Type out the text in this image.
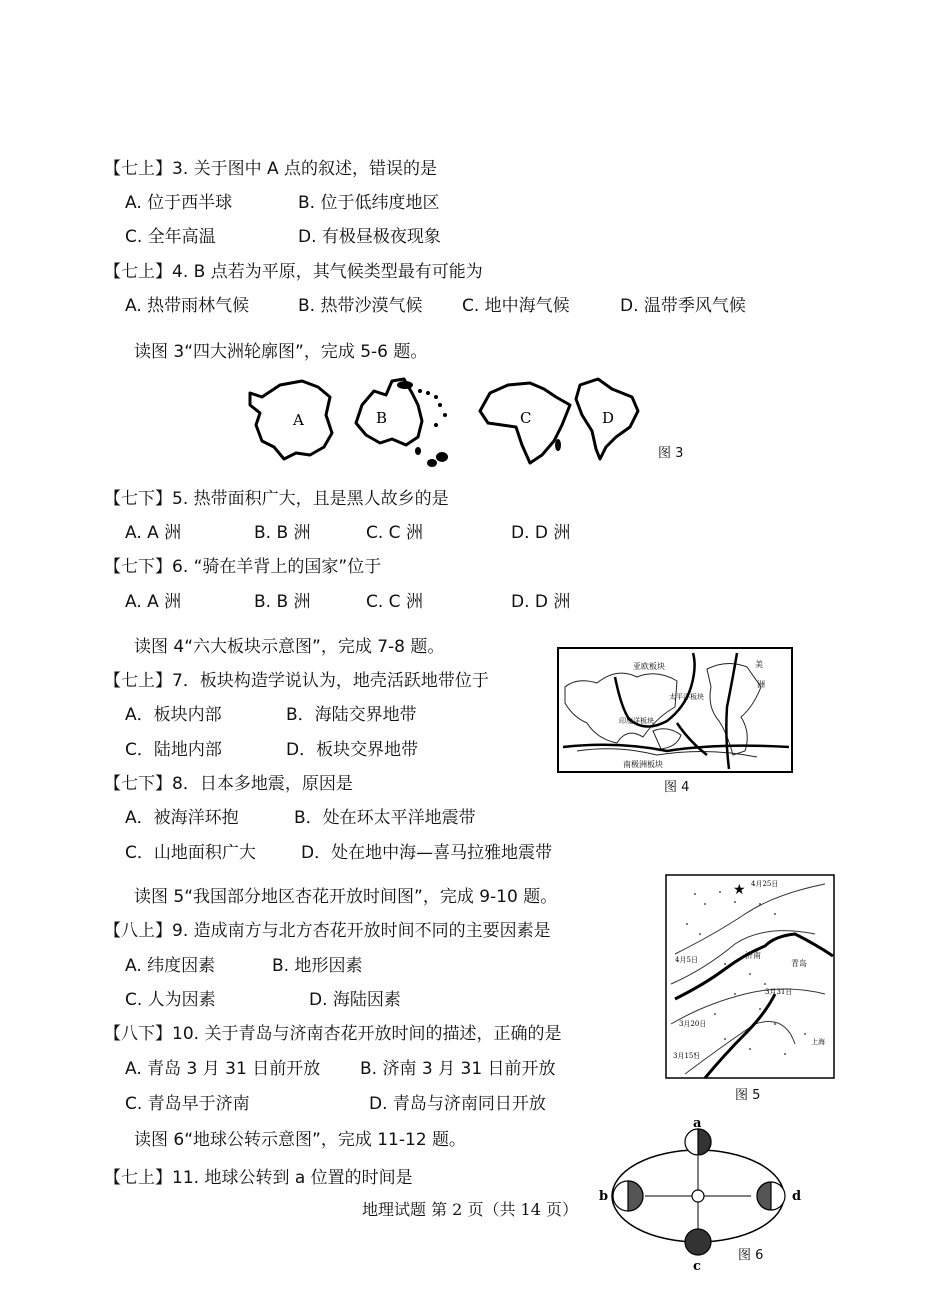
【七上】3. 关于图中 A 点的叙述，错误的是
A. 位于西半球	B. 位于低纬度地区
C. 全年高温	D. 有极昼极夜现象
【七上】4. B 点若为平原，其气候类型最有可能为
A. 热带雨林气候	B. 热带沙漠气候 C. 地中海气候	D. 温带季风气候
读图 3“四大洲轮廓图”，完成 5-6 题。
A	B	C	D
图 3
【七下】5. 热带面积广大，且是黑人故乡的是
A. A 洲	B. B 洲	C. C 洲	D. D 洲
【七下】6. “骑在羊背上的国家”位于
A. A 洲	B. B 洲	C. C 洲	D. D 洲
读图 4“六大板块示意图”，完成 7-8 题。
亚欧板块	美
洲
太平洋板块
印度洋板块
南极洲板块
图 4
【七上】7．板块构造学说认为，地壳活跃地带位于
A．板块内部	B．海陆交界地带
C．陆地内部	D．板块交界地带
【七下】8．日本多地震，原因是
A．被海洋环抱	B．处在环太平洋地震带
C．山地面积广大	D．处在地中海—喜马拉雅地震带
读图 5“我国部分地区杏花开放时间图”，完成 9-10 题。	★ 4月25日
4月5日	济南
青岛
3月31日
3月20日
3月15日
上海
图 5
【八上】9. 造成南方与北方杏花开放时间不同的主要因素是
A. 纬度因素	B. 地形因素
C. 人为因素	D. 海陆因素
【八下】10. 关于青岛与济南杏花开放时间的描述，正确的是
A. 青岛 3 月 31 日前开放 B. 济南 3 月 31 日前开放
C. 青岛早于济南	D. 青岛与济南同日开放
读图 6“地球公转示意图”，完成 11-12 题。
【七上】11. 地球公转到 a 位置的时间是
a
b
c
d
图 6
地理试题 第 2 页（共 14 页）
